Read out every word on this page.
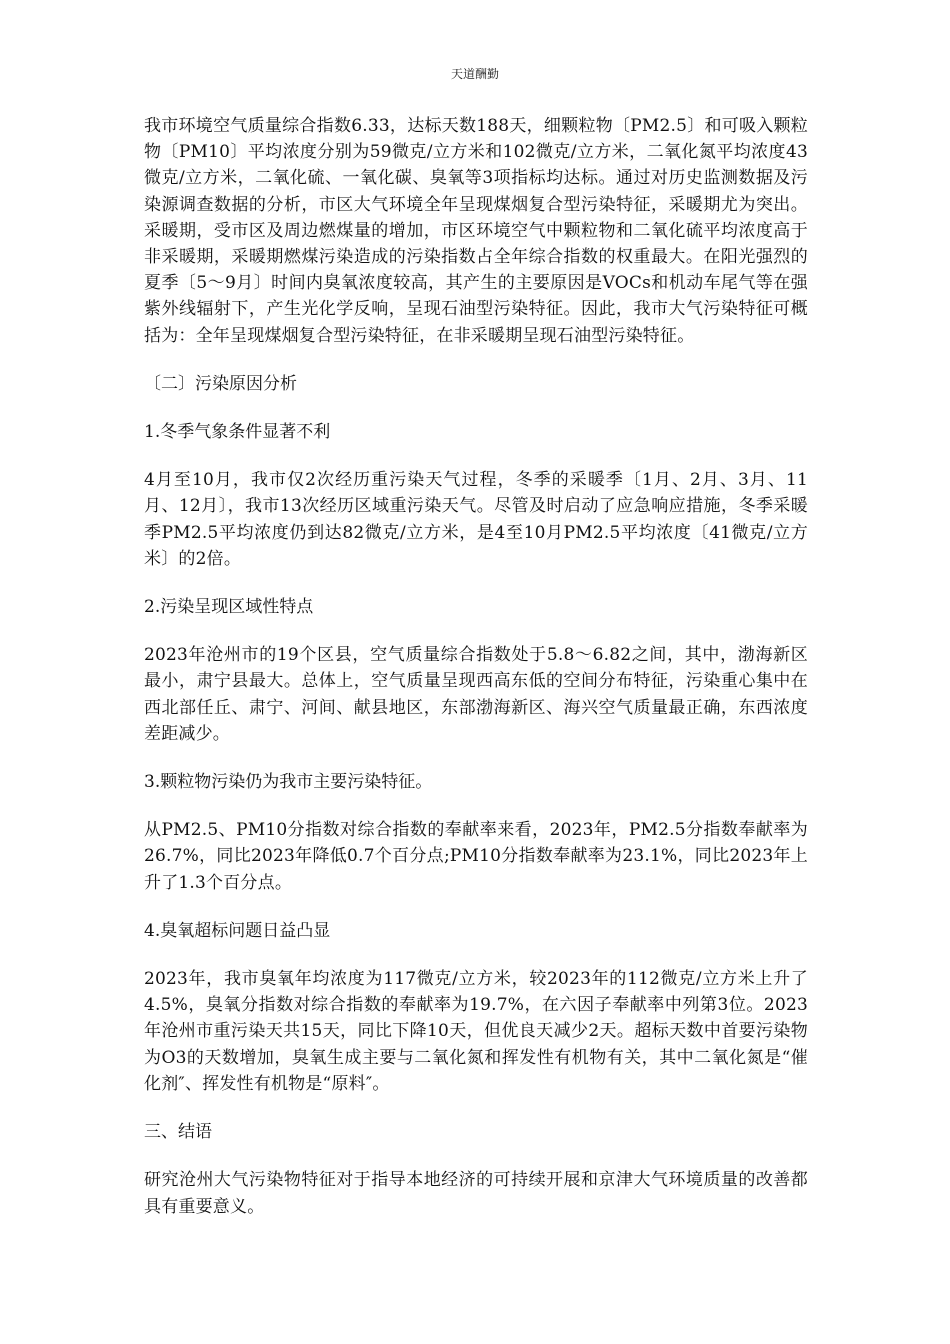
天道酬勤

我市环境空气质量综合指数6.33，达标天数188天，细颗粒物〔PM2.5〕和可吸入颗粒物〔PM10〕平均浓度分别为59微克/立方米和102微克/立方米，二氧化氮平均浓度43微克/立方米，二氧化硫、一氧化碳、臭氧等3项指标均达标。通过对历史监测数据及污染源调查数据的分析，市区大气环境全年呈现煤烟复合型污染特征，采暖期尤为突出。采暖期，受市区及周边燃煤量的增加，市区环境空气中颗粒物和二氧化硫平均浓度高于非采暖期，采暖期燃煤污染造成的污染指数占全年综合指数的权重最大。在阳光强烈的夏季〔5～9月〕时间内臭氧浓度较高，其产生的主要原因是VOCs和机动车尾气等在强紫外线辐射下，产生光化学反响，呈现石油型污染特征。因此，我市大气污染特征可概括为：全年呈现煤烟复合型污染特征，在非采暖期呈现石油型污染特征。

〔二〕污染原因分析

1.冬季气象条件显著不利

4月至10月，我市仅2次经历重污染天气过程，冬季的采暖季〔1月、2月、3月、11月、12月〕，我市13次经历区域重污染天气。尽管及时启动了应急响应措施，冬季采暖季PM2.5平均浓度仍到达82微克/立方米，是4至10月PM2.5平均浓度〔41微克/立方米〕的2倍。

2.污染呈现区域性特点

2023年沧州市的19个区县，空气质量综合指数处于5.8～6.82之间，其中，渤海新区最小，肃宁县最大。总体上，空气质量呈现西高东低的空间分布特征，污染重心集中在西北部任丘、肃宁、河间、献县地区，东部渤海新区、海兴空气质量最正确，东西浓度差距减少。

3.颗粒物污染仍为我市主要污染特征。

从PM2.5、PM10分指数对综合指数的奉献率来看，2023年，PM2.5分指数奉献率为26.7%，同比2023年降低0.7个百分点;PM10分指数奉献率为23.1%，同比2023年上升了1.3个百分点。

4.臭氧超标问题日益凸显

2023年，我市臭氧年均浓度为117微克/立方米，较2023年的112微克/立方米上升了4.5%，臭氧分指数对综合指数的奉献率为19.7%，在六因子奉献率中列第3位。2023年沧州市重污染天共15天，同比下降10天，但优良天减少2天。超标天数中首要污染物为O3的天数增加，臭氧生成主要与二氧化氮和挥发性有机物有关，其中二氧化氮是“催化剂″、挥发性有机物是“原料″。

三、结语

研究沧州大气污染物特征对于指导本地经济的可持续开展和京津大气环境质量的改善都具有重要意义。
